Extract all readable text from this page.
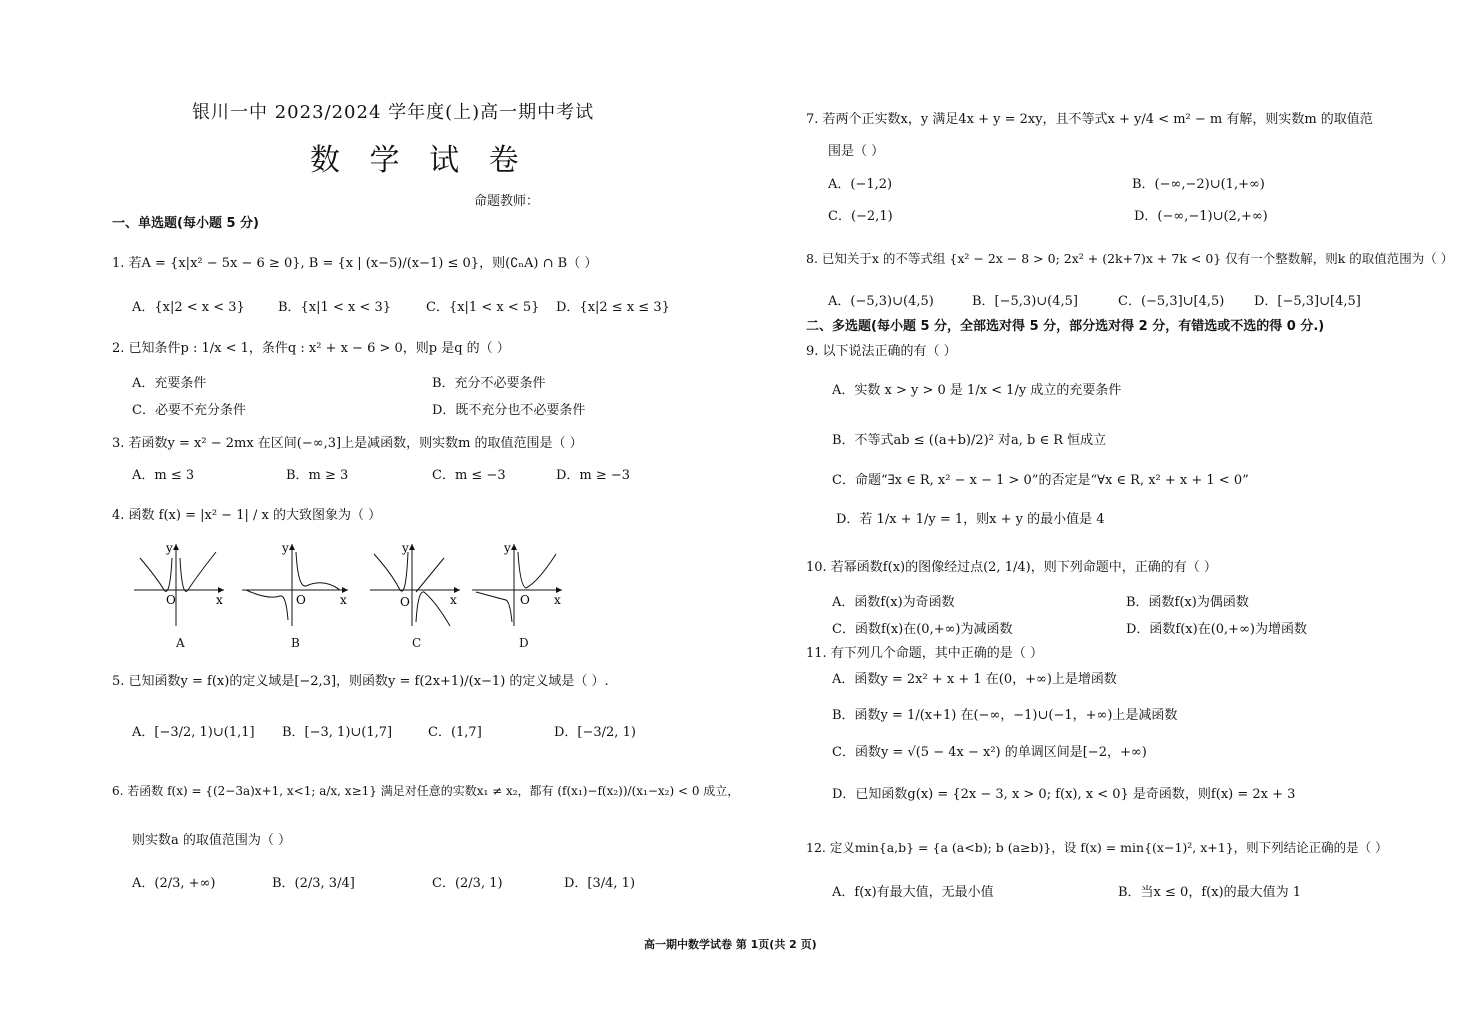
银川一中 2023/2024 学年度(上)高一期中考试
数 学 试 卷
命题教师：
一、单选题(每小题 5 分)
1. 若A = {x|x² − 5x − 6 ≥ 0}, B = {x | (x−5)/(x−1) ≤ 0}，则(∁ₙA) ∩ B（ ）
A．{x|2 < x < 3}	B．{x|1 < x < 3}	C．{x|1 < x < 5} D．{x|2 ≤ x ≤ 3}
2. 已知条件p : 1/x < 1，条件q : x² + x − 6 > 0，则p 是q 的（ ）
A．充要条件	B．充分不必要条件
C．必要不充分条件	D．既不充分也不必要条件
3. 若函数y = x² − 2mx 在区间(−∞,3]上是减函数，则实数m 的取值范围是（ ）
A．m ≤ 3	B．m ≥ 3	C．m ≤ −3	D．m ≥ −3
4. 函数 f(x) = |x² − 1| / x 的大致图象为（ ）
y
x
O
A
y
x
O
B
y
x
O
C
y
x
O
D
5. 已知函数y = f(x)的定义域是[−2,3]，则函数y = f(2x+1)/(x−1) 的定义域是（ ）.
A．[−3/2, 1)∪(1,1] B．[−3, 1)∪(1,7]	C．(1,7]	D．[−3/2, 1)
6. 若函数 f(x) = {(2−3a)x+1, x<1; a/x, x≥1} 满足对任意的实数x₁ ≠ x₂，都有 (f(x₁)−f(x₂))/(x₁−x₂) < 0 成立，
则实数a 的取值范围为（ ）
A．(2/3, +∞)	B．(2/3, 3/4]	C．(2/3, 1)	D．[3/4, 1)
7. 若两个正实数x，y 满足4x + y = 2xy，且不等式x + y/4 < m² − m 有解，则实数m 的取值范
围是（ ）
A．(−1,2)	B．(−∞,−2)∪(1,+∞)
C．(−2,1)	D．(−∞,−1)∪(2,+∞)
8. 已知关于x 的不等式组 {x² − 2x − 8 > 0; 2x² + (2k+7)x + 7k < 0} 仅有一个整数解，则k 的取值范围为（ ）
A．(−5,3)∪(4,5)	B．[−5,3)∪(4,5]	C．(−5,3]∪[4,5) D．[−5,3]∪[4,5]
二、多选题(每小题 5 分，全部选对得 5 分，部分选对得 2 分，有错选或不选的得 0 分.)
9. 以下说法正确的有（ ）
A．实数 x > y > 0 是 1/x < 1/y 成立的充要条件
B．不等式ab ≤ ((a+b)/2)² 对a, b ∈ R 恒成立
C．命题“∃x ∈ R, x² − x − 1 > 0”的否定是“∀x ∈ R, x² + x + 1 < 0”
D．若 1/x + 1/y = 1，则x + y 的最小值是 4
10. 若幂函数f(x)的图像经过点(2, 1/4)，则下列命题中，正确的有（ ）
A．函数f(x)为奇函数	B．函数f(x)为偶函数
C．函数f(x)在(0,+∞)为减函数	D．函数f(x)在(0,+∞)为增函数
11. 有下列几个命题，其中正确的是（ ）
A．函数y = 2x² + x + 1 在(0，+∞)上是增函数
B．函数y = 1/(x+1) 在(−∞，−1)∪(−1，+∞)上是减函数
C．函数y = √(5 − 4x − x²) 的单调区间是[−2，+∞)
D．已知函数g(x) = {2x − 3, x > 0; f(x), x < 0} 是奇函数，则f(x) = 2x + 3
12. 定义min{a,b} = {a (a<b); b (a≥b)}，设 f(x) = min{(x−1)², x+1}，则下列结论正确的是（ ）
A．f(x)有最大值，无最小值	B．当x ≤ 0，f(x)的最大值为 1
高一期中数学试卷 第 1页(共 2 页)
